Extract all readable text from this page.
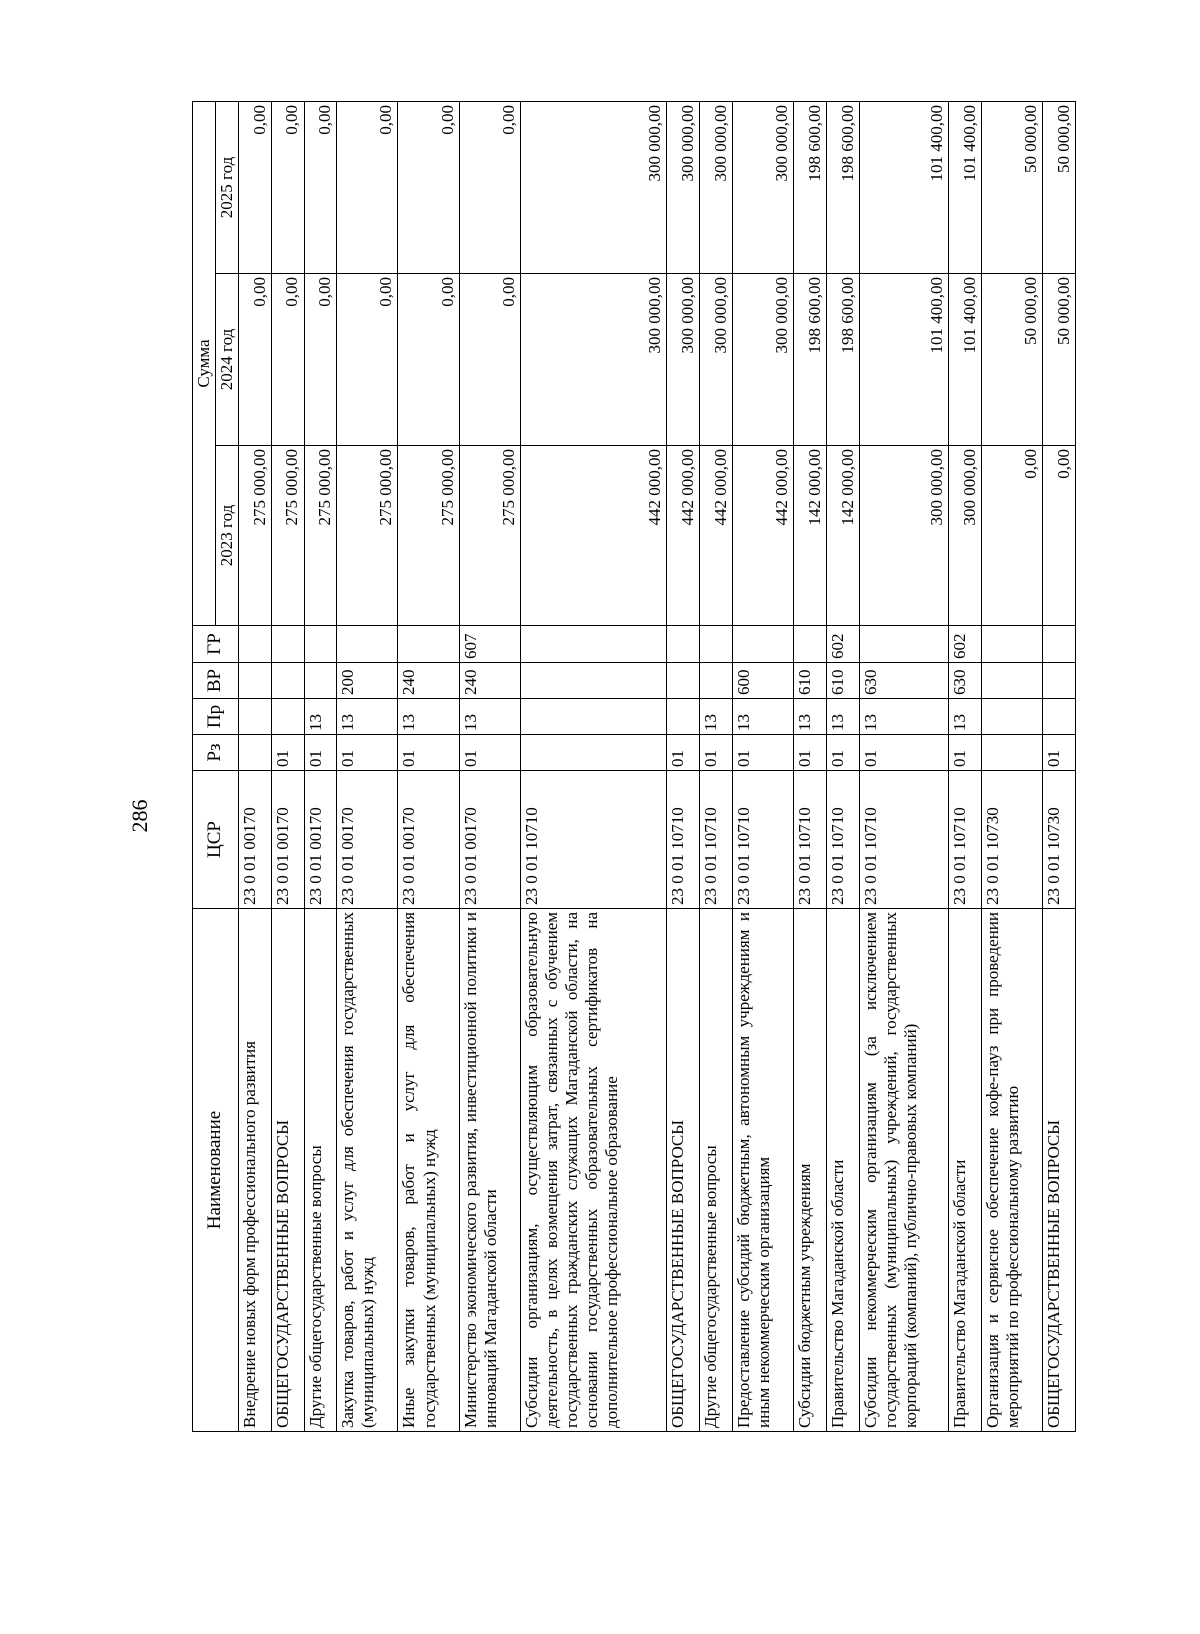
286
Наименование	ЦСР	Рз	Пр	ВР	ГР	Сумма		
						2023 год	2024 год	2025 год
Внедрение новых форм профессионального развития	23 0 01 00170					275 000,00	0,00	0,00
ОБЩЕГОСУДАРСТВЕННЫЕ ВОПРОСЫ	23 0 01 00170	01				275 000,00	0,00	0,00
Другие общегосударственные вопросы	23 0 01 00170	01	13			275 000,00	0,00	0,00
Закупка товаров, работ и услуг для обеспечения государственных (муниципальных) нужд	23 0 01 00170	01	13	200		275 000,00	0,00	0,00
Иные закупки товаров, работ и услуг для обеспечения государственных (муниципальных) нужд	23 0 01 00170	01	13	240		275 000,00	0,00	0,00
Министерство экономического развития, инвестиционной политики и инноваций Магаданской области	23 0 01 00170	01	13	240	607	275 000,00	0,00	0,00
Субсидии организациям, осуществляющим образовательную деятельность, в целях возмещения затрат, связанных с обучением государственных гражданских служащих Магаданской области, на основании государственных образовательных сертификатов на дополнительное профессиональное образование	23 0 01 10710					442 000,00	300 000,00	300 000,00
ОБЩЕГОСУДАРСТВЕННЫЕ ВОПРОСЫ	23 0 01 10710	01				442 000,00	300 000,00	300 000,00
Другие общегосударственные вопросы	23 0 01 10710	01	13			442 000,00	300 000,00	300 000,00
Предоставление субсидий бюджетным, автономным учреждениям и иным некоммерческим организациям	23 0 01 10710	01	13	600		442 000,00	300 000,00	300 000,00
Субсидии бюджетным учреждениям	23 0 01 10710	01	13	610		142 000,00	198 600,00	198 600,00
Правительство Магаданской области	23 0 01 10710	01	13	610	602	142 000,00	198 600,00	198 600,00
Субсидии некоммерческим организациям (за исключением государственных (муниципальных) учреждений, государственных корпораций (компаний), публично-правовых компаний)	23 0 01 10710	01	13	630		300 000,00	101 400,00	101 400,00
Правительство Магаданской области	23 0 01 10710	01	13	630	602	300 000,00	101 400,00	101 400,00
Организация и сервисное обеспечение кофе-пауз при проведении мероприятий по профессиональному развитию	23 0 01 10730					0,00	50 000,00	50 000,00
ОБЩЕГОСУДАРСТВЕННЫЕ ВОПРОСЫ	23 0 01 10730	01				0,00	50 000,00	50 000,00
